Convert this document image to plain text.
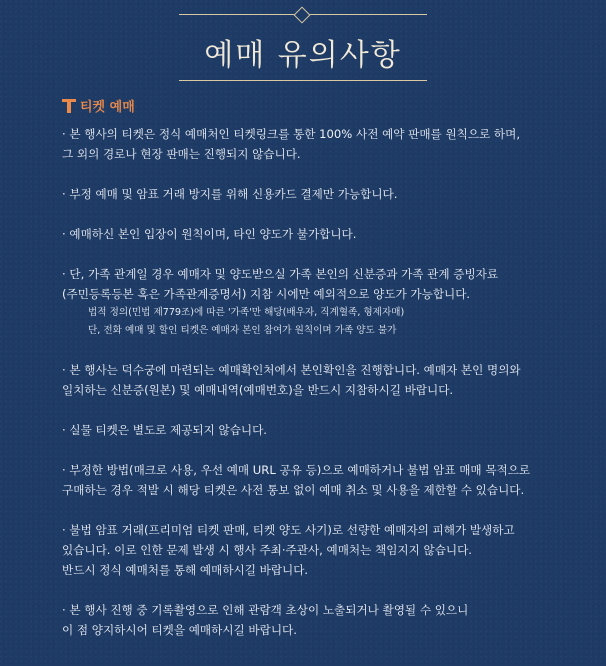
예매 유의사항
티켓 예매
· 본 행사의 티켓은 정식 예매처인 티켓링크를 통한 100% 사전 예약 판매를 원칙으로 하며,
그 외의 경로나 현장 판매는 진행되지 않습니다.
· 부정 예매 및 암표 거래 방지를 위해 신용카드 결제만 가능합니다.
· 예매하신 본인 입장이 원칙이며, 타인 양도가 불가합니다.
· 단, 가족 관계일 경우 예매자 및 양도받으실 가족 본인의 신분증과 가족 관계 증빙자료
(주민등록등본 혹은 가족관계증명서) 지참 시에만 예외적으로 양도가 가능합니다.
법적 정의(민법 제779조)에 따른 '가족'만 해당(배우자, 직계혈족, 형제자매)
단, 전화 예매 및 할인 티켓은 예매자 본인 참여가 원칙이며 가족 양도 불가
· 본 행사는 덕수궁에 마련되는 예매확인처에서 본인확인을 진행합니다. 예매자 본인 명의와
일치하는 신분증(원본) 및 예매내역(예매번호)을 반드시 지참하시길 바랍니다.
· 실물 티켓은 별도로 제공되지 않습니다.
· 부정한 방법(매크로 사용, 우선 예매 URL 공유 등)으로 예매하거나 불법 암표 매매 목적으로
구매하는 경우 적발 시 해당 티켓은 사전 통보 없이 예매 취소 및 사용을 제한할 수 있습니다.
· 불법 암표 거래(프리미엄 티켓 판매, 티켓 양도 사기)로 선량한 예매자의 피해가 발생하고
있습니다. 이로 인한 문제 발생 시 행사 주최·주관사, 예매처는 책임지지 않습니다.
반드시 정식 예매처를 통해 예매하시길 바랍니다.
· 본 행사 진행 중 기록촬영으로 인해 관람객 초상이 노출되거나 촬영될 수 있으니
이 점 양지하시어 티켓을 예매하시길 바랍니다.
